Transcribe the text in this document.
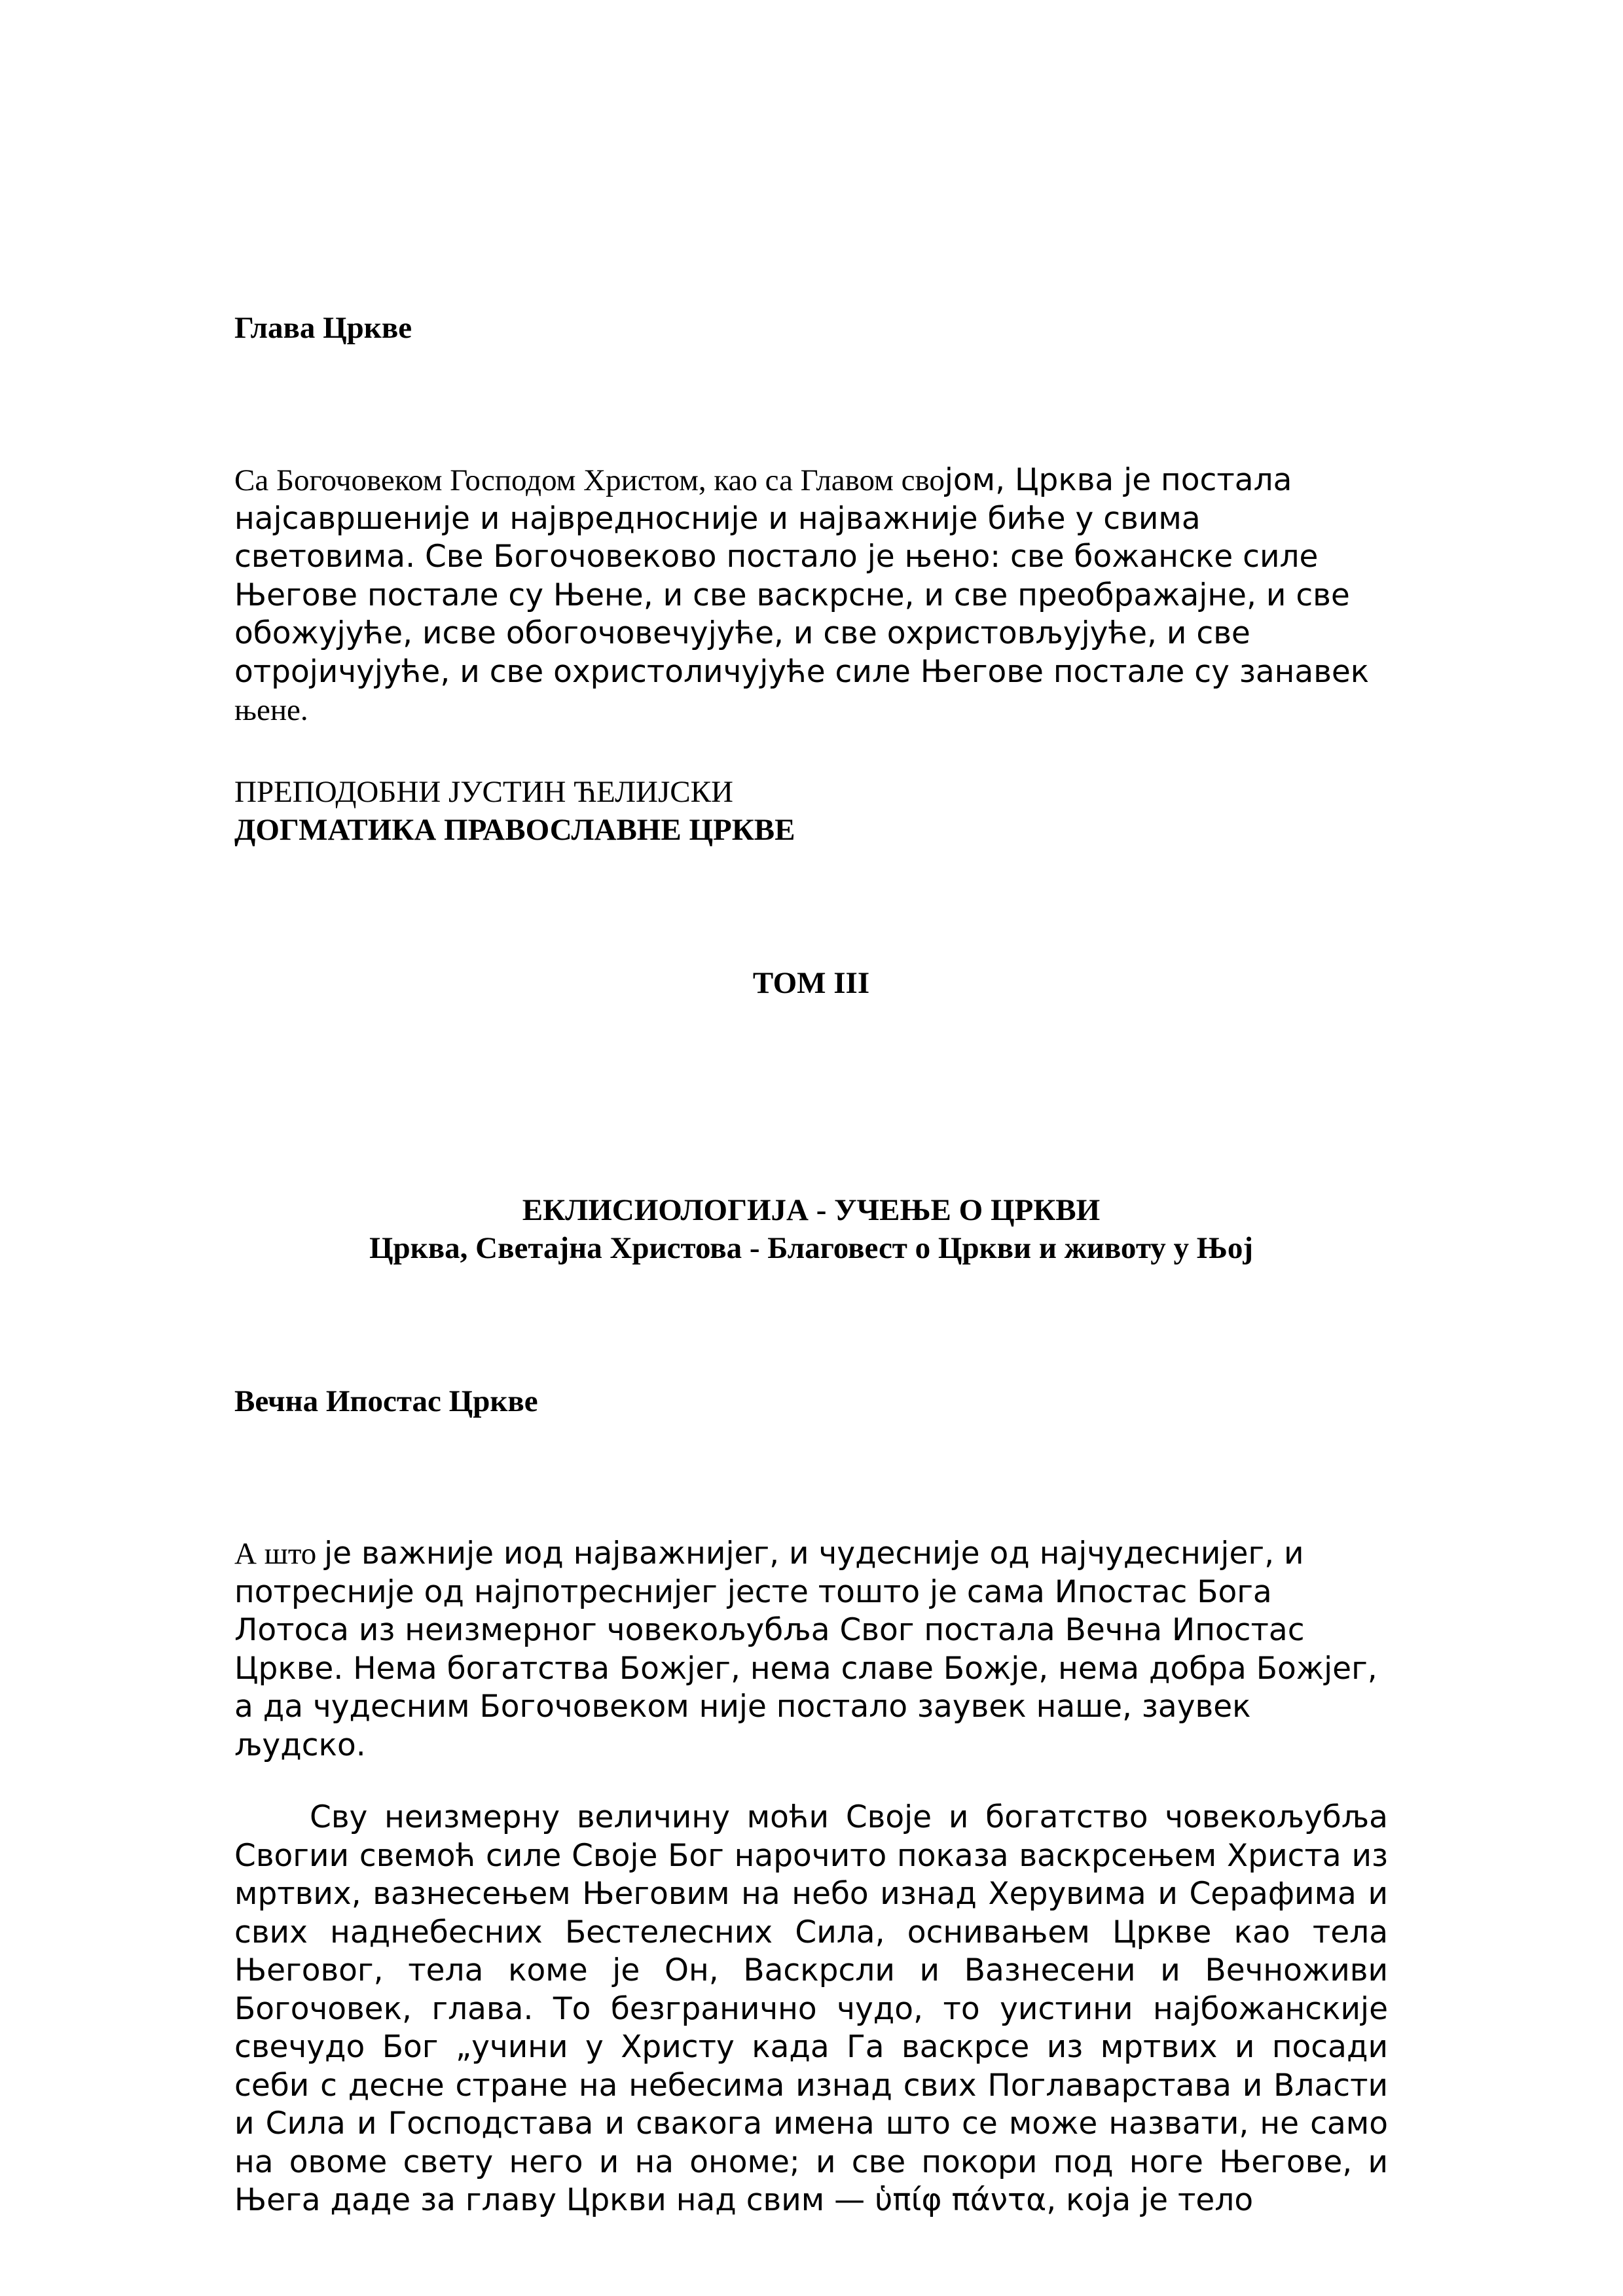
Глава Цркве
Са Богочовеком Господом Христом, као са Главом својом, Црква је постала најсавршеније и највредносније и најважније биће у свима световима. Све Богочовеково постало је њено: све божанске силе Његове постале су Њене, и све васкрсне, и све преображајне, и све обожујуће, исве обогочовечујуће, и све охристовљујуће, и све отројичујуће, и све охристоличујуће силе Његове постале су занавек њене.
ПРЕПОДОБНИ ЈУСТИН ЋЕЛИЈСКИ
ДОГМАТИКА ПРАВОСЛАВНЕ ЦРКВЕ
ТОМ III
ЕКЛИСИОЛОГИЈА - УЧЕЊЕ О ЦРКВИ
Црква, Светајна Христова - Благовест о Цркви и животу у Њој
Вечна Ипостас Цркве
А што је важније иод најважнијег, и чудесније од најчудеснијег, и потресније од најпотреснијег јесте тошто је сама Ипостас Бога Лотоса из неизмерног човекољубља Свог постала Вечна Ипостас Цркве. Нема богатства Божјег, нема славе Божје, нема добра Божјег, а да чудесним Богочовеком није постало заувек наше, заувек људско.
Сву неизмерну величину моћи Своје и богатство човекољубља Свогии свемоћ силе Своје Бог нарочито показа васкрсењем Христа из мртвих, вазнесењем Његовим на небо изнад Херувима и Серафима и свих наднебесних Бестелесних Сила, оснивањем Цркве као тела Његовог, тела коме је Он, Васкрсли и Вазнесени и Вечноживи Богочовек, глава. То безгранично чудо, то уистини најбожанскије свечудо Бог „учини у Христу када Га васкрсе из мртвих и посади себи с десне стране на небесима изнад свих Поглаварстава и Власти и Сила и Господстава и свакога имена што се може назвати, не само на овоме свету него и на ономе; и све покори под ноге Његове, и Њега даде за главу Цркви над свим — ὑπίφ πάντα, која је тело
